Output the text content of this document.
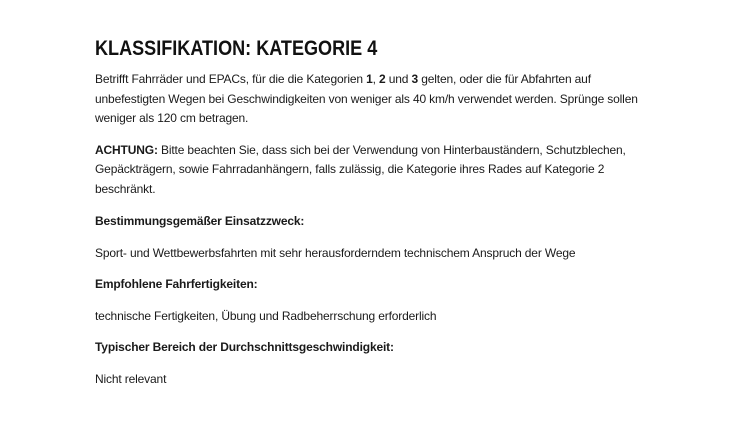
KLASSIFIKATION: KATEGORIE 4

Betrifft Fahrräder und EPACs, für die die Kategorien 1, 2 und 3 gelten, oder die für Abfahrten auf unbefestigten Wegen bei Geschwindigkeiten von weniger als 40 km/h verwendet werden. Sprünge sollen weniger als 120 cm betragen.

ACHTUNG: Bitte beachten Sie, dass sich bei der Verwendung von Hinterbauständern, Schutzblechen, Gepäckträgern, sowie Fahrradanhängern, falls zulässig, die Kategorie ihres Rades auf Kategorie 2 beschränkt.

Bestimmungsgemäßer Einsatzzweck:

Sport- und Wettbewerbsfahrten mit sehr herausforderndem technischem Anspruch der Wege

Empfohlene Fahrfertigkeiten:

technische Fertigkeiten, Übung und Radbeherrschung erforderlich

Typischer Bereich der Durchschnittsgeschwindigkeit:

Nicht relevant
